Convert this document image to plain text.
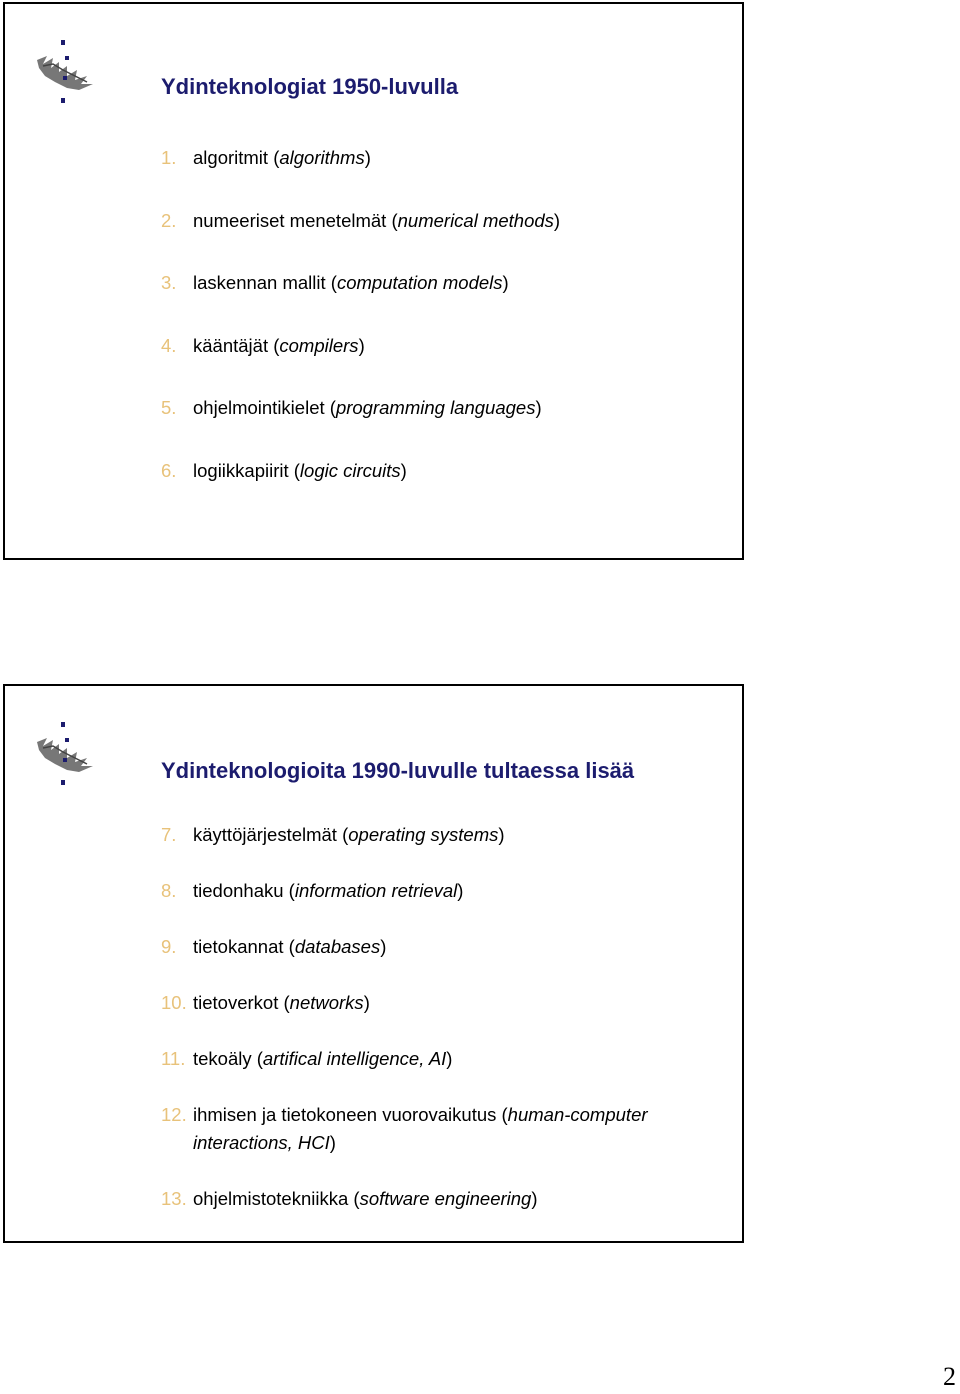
Ydinteknologiat 1950-luvulla
1. algoritmit (algorithms)
2. numeeriset menetelmät (numerical methods)
3. laskennan mallit (computation models)
4. kääntäjät (compilers)
5. ohjelmointikielet (programming languages)
6. logiikkapiirit (logic circuits)
Ydinteknologioita 1990-luvulle tultaessa lisää
7. käyttöjärjestelmät (operating systems)
8. tiedonhaku (information retrieval)
9. tietokannat (databases)
10. tietoverkot (networks)
11. tekoäly (artifical intelligence, AI)
12. ihmisen ja tietokoneen vuorovaikutus (human-computer interactions, HCI)
13. ohjelmistotekniikka (software engineering)
2
